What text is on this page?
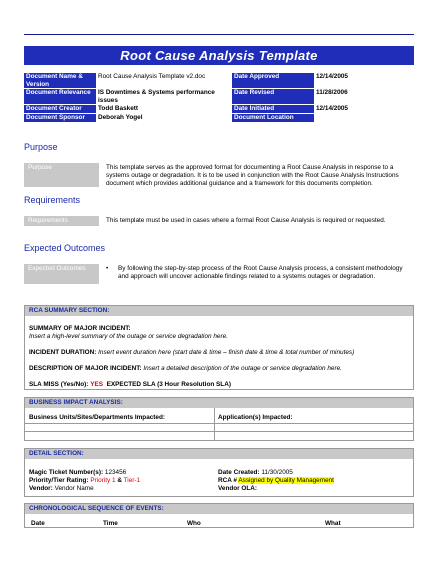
Root Cause Analysis Template
Document Name & Version	Root Cause Analysis Template v2.doc	Date Approved	12/14/2005
Document Relevance	IS Downtimes & Systems performance issues	Date Revised	11/28/2006
Document Creator	Todd Baskett	Date Initiated	12/14/2005
Document Sponsor	Deborah Yogel	Document Location	
Purpose
Purpose	This template serves as the approved format for documenting a Root Cause Analysis in response to a systems outage or degradation. It is to be used in conjunction with the Root Cause Analysis Instructions document which provides additional guidance and a framework for this documents completion.
Requirements
Requirements	This template must be used in cases where a formal Root Cause Analysis is required or requested.
Expected Outcomes
Expected Outcomes	• By following the step-by-step process of the Root Cause Analysis process, a consistent methodology and approach will uncover actionable findings related to a systems outages or degradation.
RCA SUMMARY SECTION:
SUMMARY OF MAJOR INCIDENT:
Insert a high-level summary of the outage or service degradation here.
INCIDENT DURATION: Insert event duration here (start date & time – finish date & time & total number of minutes)
DESCRIPTION OF MAJOR INCIDENT: Insert a detailed description of the outage or service degradation here.
SLA MISS (Yes/No): YES EXPECTED SLA (3 Hour Resolution SLA)
BUSINESS IMPACT ANALYSIS:
Business Units/Sites/Departments Impacted:	Application(s) Impacted:
DETAIL SECTION:
Magic Ticket Number(s): 123456	Date Created: 11/30/2005
Priority/Tier Rating: Priority 1 & Tier-1	RCA # Assigned by Quality Management
Vendor: Vendor Name	Vendor OLA:
CHRONOLOGICAL SEQUENCE OF EVENTS:
Date	Time	Who	What
